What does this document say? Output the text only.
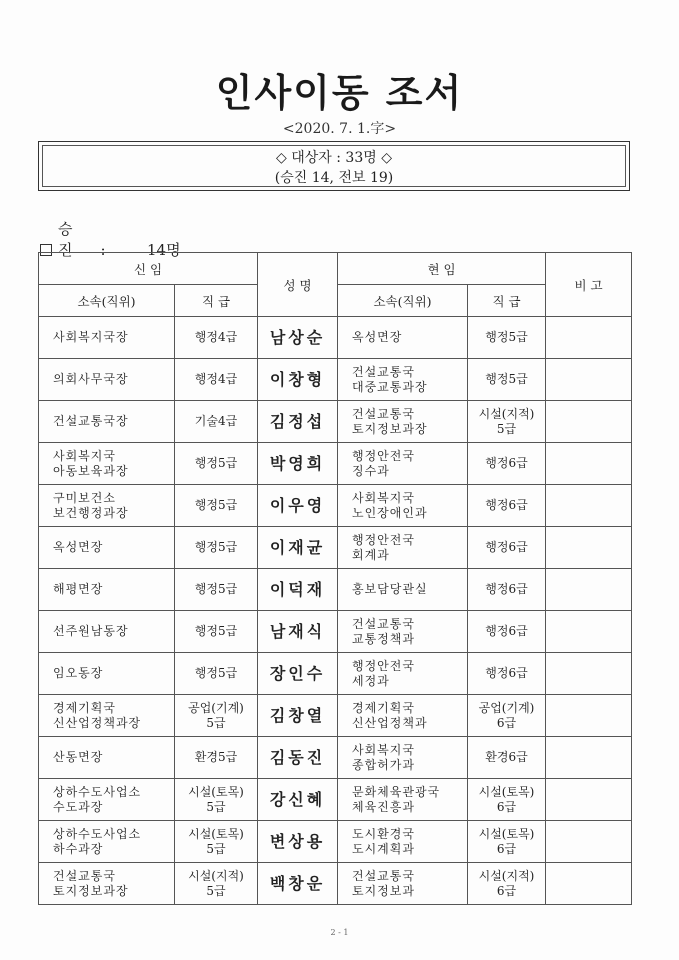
인사이동 조서
<2020. 7. 1.字>
◇ 대상자 : 33명 ◇
(승진 14, 전보 19)
승 진: 14명
신 임		성 명	현 임		비 고
소속(직위)	직 급		소속(직위)	직 급	

사회복지국장	행정4급	남상순	옥성면장	행정5급	

의회사무국장	행정4급	이창형	건설교통국
대중교통과장	행정5급	

건설교통국장	기술4급	김정섭	건설교통국
토지정보과장	시설(지적)
5급	

사회복지국
아동보육과장	행정5급	박영희	행정안전국
징수과	행정6급	

구미보건소
보건행정과장	행정5급	이우영	사회복지국
노인장애인과	행정6급	

옥성면장	행정5급	이재균	행정안전국
회계과	행정6급	

해평면장	행정5급	이덕재	홍보담당관실	행정6급	

선주원남동장	행정5급	남재식	건설교통국
교통정책과	행정6급	

임오동장	행정5급	장인수	행정안전국
세정과	행정6급	

경제기획국
신산업정책과장	공업(기계)
5급	김창열	경제기획국
신산업정책과	공업(기계)
6급	

산동면장	환경5급	김동진	사회복지국
종합허가과	환경6급	

상하수도사업소
수도과장	시설(토목)
5급	강신혜	문화체육관광국
체육진흥과	시설(토목)
6급	

상하수도사업소
하수과장	시설(토목)
5급	변상용	도시환경국
도시계획과	시설(토목)
6급	

건설교통국
토지정보과장	시설(지적)
5급	백창운	건설교통국
토지정보과	시설(지적)
6급	

2 - 1
